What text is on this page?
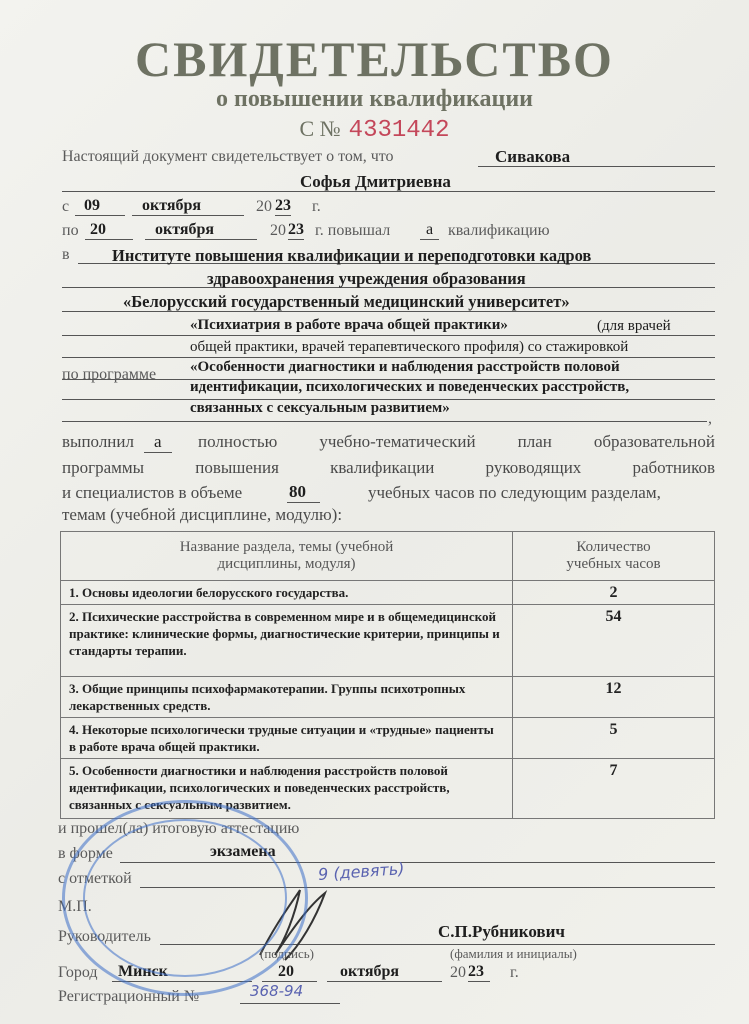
СВИДЕТЕЛЬСТВО
о повышении квалификации
С № 4331442
Настоящий документ свидетельствует о том, что	Сивакова
Софья Дмитриевна
с 09	октября	20 23 г.
по 20	октября	20 23 г. повышал	а квалификацию
в	Институте повышения квалификации и переподготовки кадров
здравоохранения учреждения образования
«Белорусский государственный медицинский университет»
«Психиатрия в работе врача общей практики»	(для врачей
общей практики, врачей терапевтического профиля) со стажировкой
«Особенности диагностики и наблюдения расстройств половой
по программе
идентификации, психологических и поведенческих расстройств,
связанных с сексуальным развитием»
,
выполнил	а	полностью учебно-тематический план образовательной
программы повышения квалификации руководящих работников
и специалистов в объеме	80	учебных часов по следующим разделам,
темам (учебной дисциплине, модулю):
Название раздела, темы (учебной дисциплины, модуля)	Количество учебных часов
1. Основы идеологии белорусского государства.	2
2. Психические расстройства в современном мире и в общемедицинской практике: клинические формы, диагностические критерии, принципы и стандарты терапии.	54
3. Общие принципы психофармакотерапии. Группы психотропных лекарственных средств.	12
4. Некоторые психологически трудные ситуации и «трудные» пациенты в работе врача общей практики.	5
5. Особенности диагностики и наблюдения расстройств половой идентификации, психологических и поведенческих расстройств, связанных с сексуальным развитием.	7
и прошел(ла) итоговую аттестацию
в форме	экзамена
с отметкой	9 (девять)
М.П.
Руководитель	С.П.Рубникович
(подпись)	(фамилия и инициалы)
Город Минск	20	октября	20 23	г.
Регистрационный №	368-94
